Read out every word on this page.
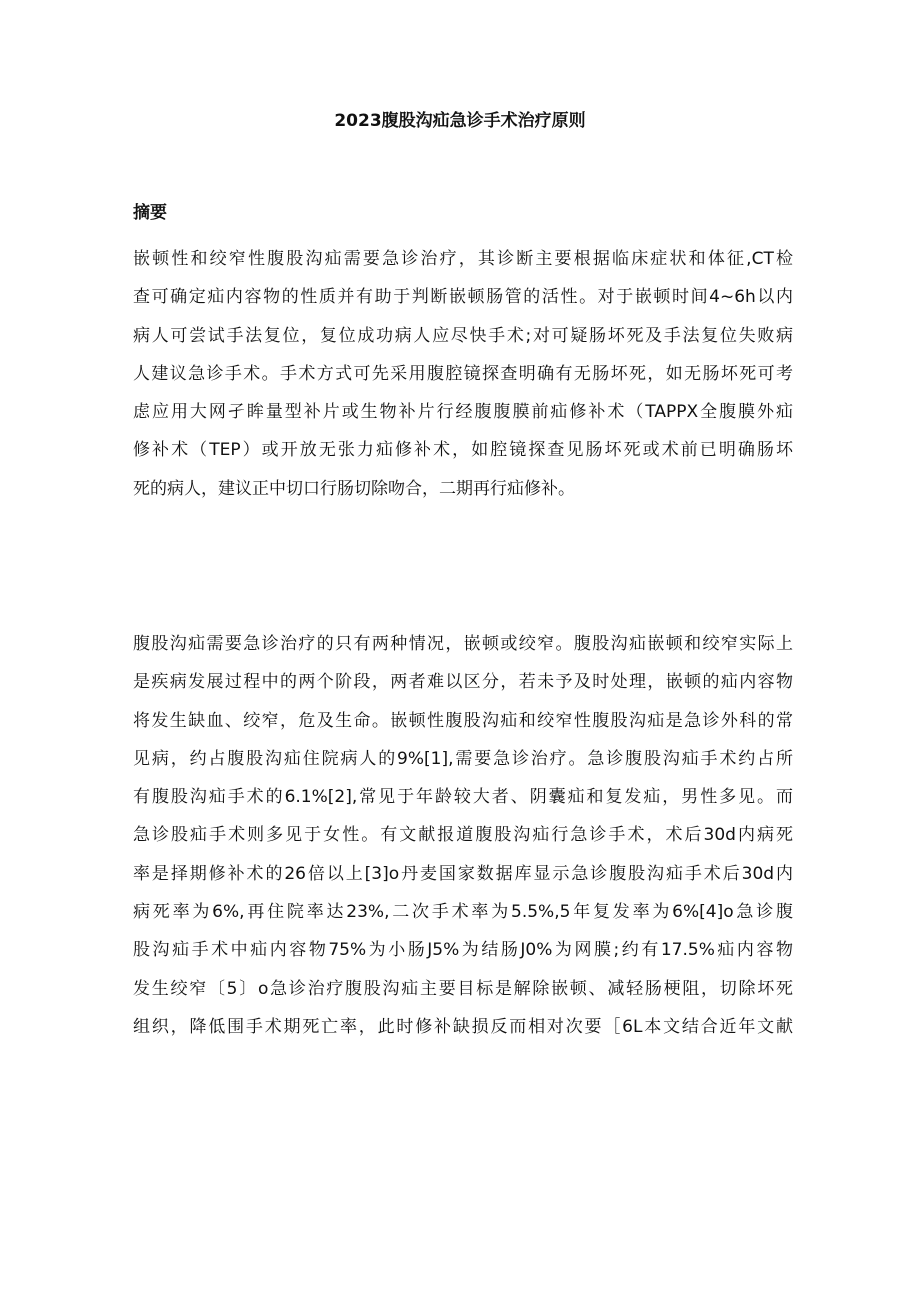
2023腹股沟疝急诊手术治疗原则
摘要
嵌顿性和绞窄性腹股沟疝需要急诊治疗，其诊断主要根据临床症状和体征,CT检
查可确定疝内容物的性质并有助于判断嵌顿肠管的活性。对于嵌顿时间4~6h以内
病人可尝试手法复位，复位成功病人应尽快手术;对可疑肠坏死及手法复位失败病
人建议急诊手术。手术方式可先采用腹腔镜探查明确有无肠坏死，如无肠坏死可考
虑应用大网孑眸量型补片或生物补片行经腹腹膜前疝修补术（TAPPX全腹膜外疝
修补术（TEP）或开放无张力疝修补术，如腔镜探查见肠坏死或术前已明确肠坏
死的病人，建议正中切口行肠切除吻合，二期再行疝修补。
腹股沟疝需要急诊治疗的只有两种情况，嵌顿或绞窄。腹股沟疝嵌顿和绞窄实际上
是疾病发展过程中的两个阶段，两者难以区分，若未予及时处理，嵌顿的疝内容物
将发生缺血、绞窄，危及生命。嵌顿性腹股沟疝和绞窄性腹股沟疝是急诊外科的常
见病，约占腹股沟疝住院病人的9%[1],需要急诊治疗。急诊腹股沟疝手术约占所
有腹股沟疝手术的6.1%[2],常见于年龄较大者、阴囊疝和复发疝，男性多见。而
急诊股疝手术则多见于女性。有文献报道腹股沟疝行急诊手术，术后30d内病死
率是择期修补术的26倍以上[3]o丹麦国家数据库显示急诊腹股沟疝手术后30d内
病死率为6%,再住院率达23%,二次手术率为5.5%,5年复发率为6%[4]o急诊腹
股沟疝手术中疝内容物75%为小肠J5%为结肠J0%为网膜;约有17.5%疝内容物
发生绞窄〔5〕o急诊治疗腹股沟疝主要目标是解除嵌顿、减轻肠梗阻，切除坏死
组织，降低围手术期死亡率，此时修补缺损反而相对次要［6L本文结合近年文献
